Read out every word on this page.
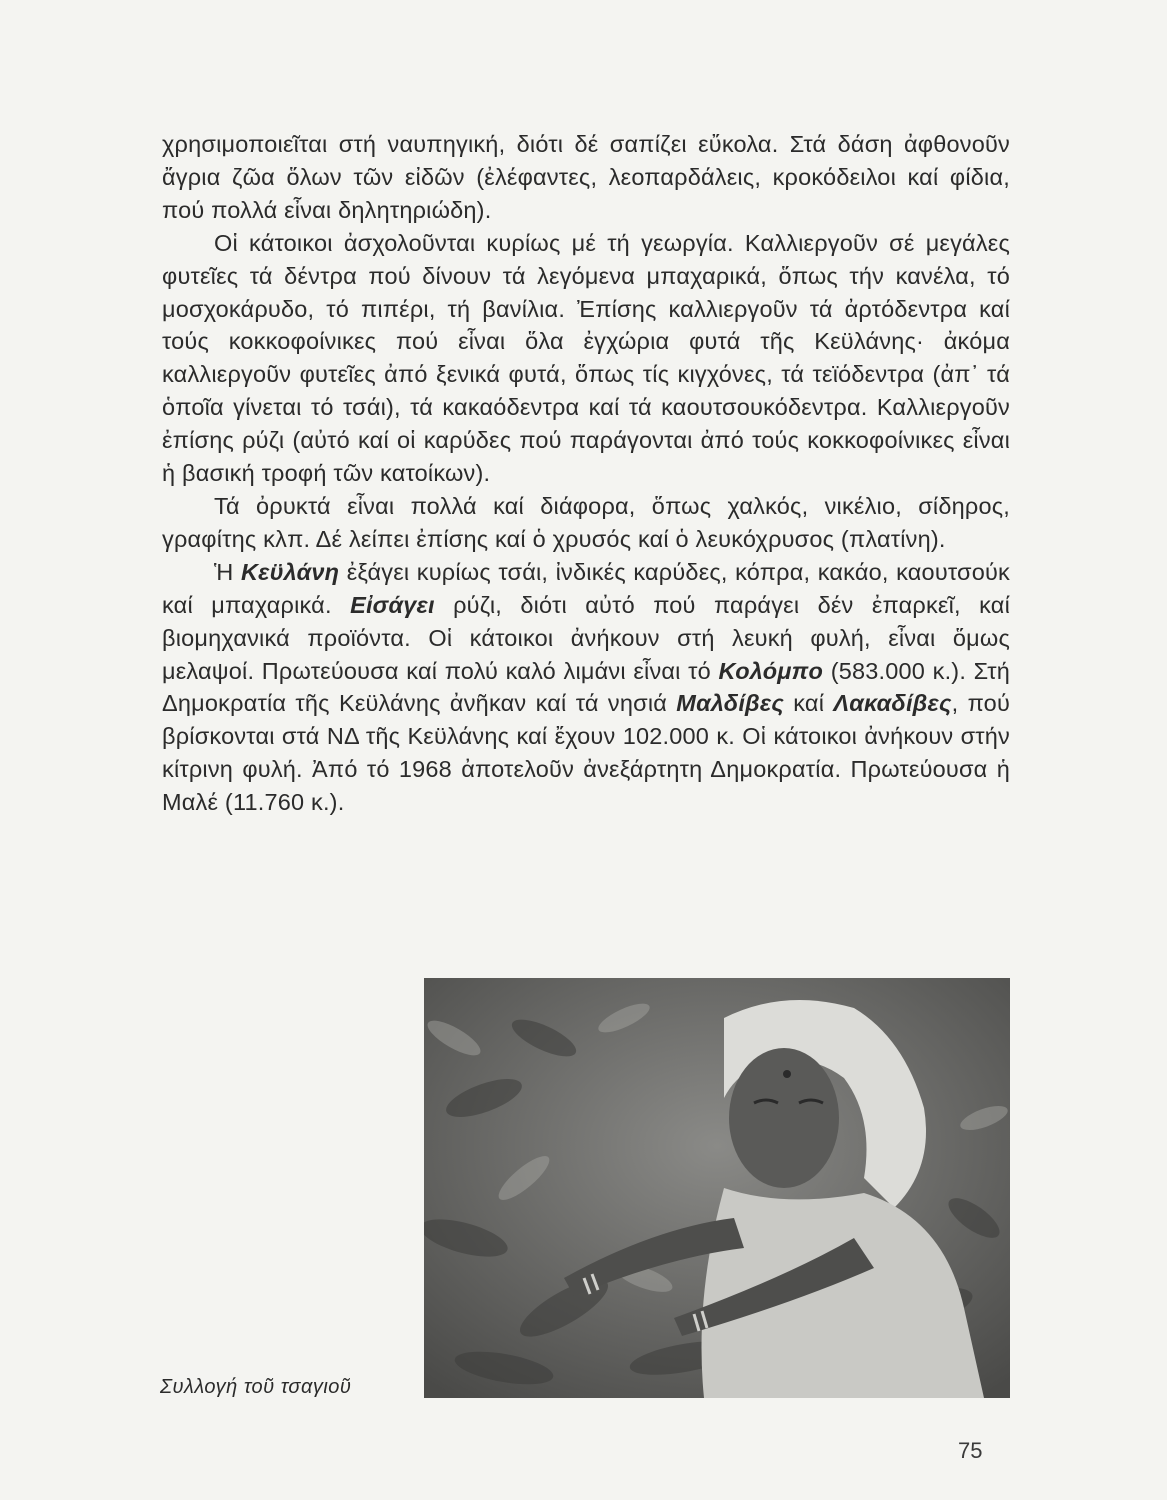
χρησιμοποιεῖται στή ναυπηγική, διότι δέ σαπίζει εὔκολα. Στά δάση ἀφθονοῦν ἄγρια ζῶα ὅλων τῶν εἰδῶν (ἐλέφαντες, λεοπαρδάλεις, κροκόδειλοι καί φίδια, πού πολλά εἶναι δηλητηριώδη).

Οἱ κάτοικοι ἀσχολοῦνται κυρίως μέ τή γεωργία. Καλλιεργοῦν σέ μεγάλες φυτεῖες τά δέντρα πού δίνουν τά λεγόμενα μπαχαρικά, ὅπως τήν κανέλα, τό μοσχοκάρυδο, τό πιπέρι, τή βανίλια. Ἐπίσης καλλιεργοῦν τά ἀρτόδεντρα καί τούς κοκκοφοίνικες πού εἶναι ὅλα ἐγχώρια φυτά τῆς Κεϋλάνης· ἀκόμα καλλιεργοῦν φυτεῖες ἀπό ξενικά φυτά, ὅπως τίς κιγχόνες, τά τεϊόδεντρα (ἀπ᾿ τά ὁποῖα γίνεται τό τσάι), τά κακαόδεντρα καί τά καουτσουκόδεντρα. Καλλιεργοῦν ἐπίσης ρύζι (αὐτό καί οἱ καρύδες πού παράγονται ἀπό τούς κοκκοφοίνικες εἶναι ἡ βασική τροφή τῶν κατοίκων).

Τά ὀρυκτά εἶναι πολλά καί διάφορα, ὅπως χαλκός, νικέλιο, σίδηρος, γραφίτης κλπ. Δέ λείπει ἐπίσης καί ὁ χρυσός καί ὁ λευκόχρυσος (πλατίνη).

Ἡ Κεϋλάνη ἐξάγει κυρίως τσάι, ἰνδικές καρύδες, κόπρα, κακάο, καουτσούκ καί μπαχαρικά. Εἰσάγει ρύζι, διότι αὐτό πού παράγει δέν ἐπαρκεῖ, καί βιομηχανικά προϊόντα. Οἱ κάτοικοι ἀνήκουν στή λευκή φυλή, εἶναι ὅμως μελαψοί. Πρωτεύουσα καί πολύ καλό λιμάνι εἶναι τό Κολόμπο (583.000 κ.). Στή Δημοκρατία τῆς Κεϋλάνης ἀνῆκαν καί τά νησιά Μαλδίβες καί Λακαδίβες, πού βρίσκονται στά ΝΔ τῆς Κεϋλάνης καί ἔχουν 102.000 κ. Οἱ κάτοικοι ἀνήκουν στήν κίτρινη φυλή. Ἀπό τό 1968 ἀποτελοῦν ἀνεξάρτητη Δημοκρατία. Πρωτεύουσα ἡ Μαλέ (11.760 κ.).

Συλλογή τοῦ τσαγιοῦ
75
